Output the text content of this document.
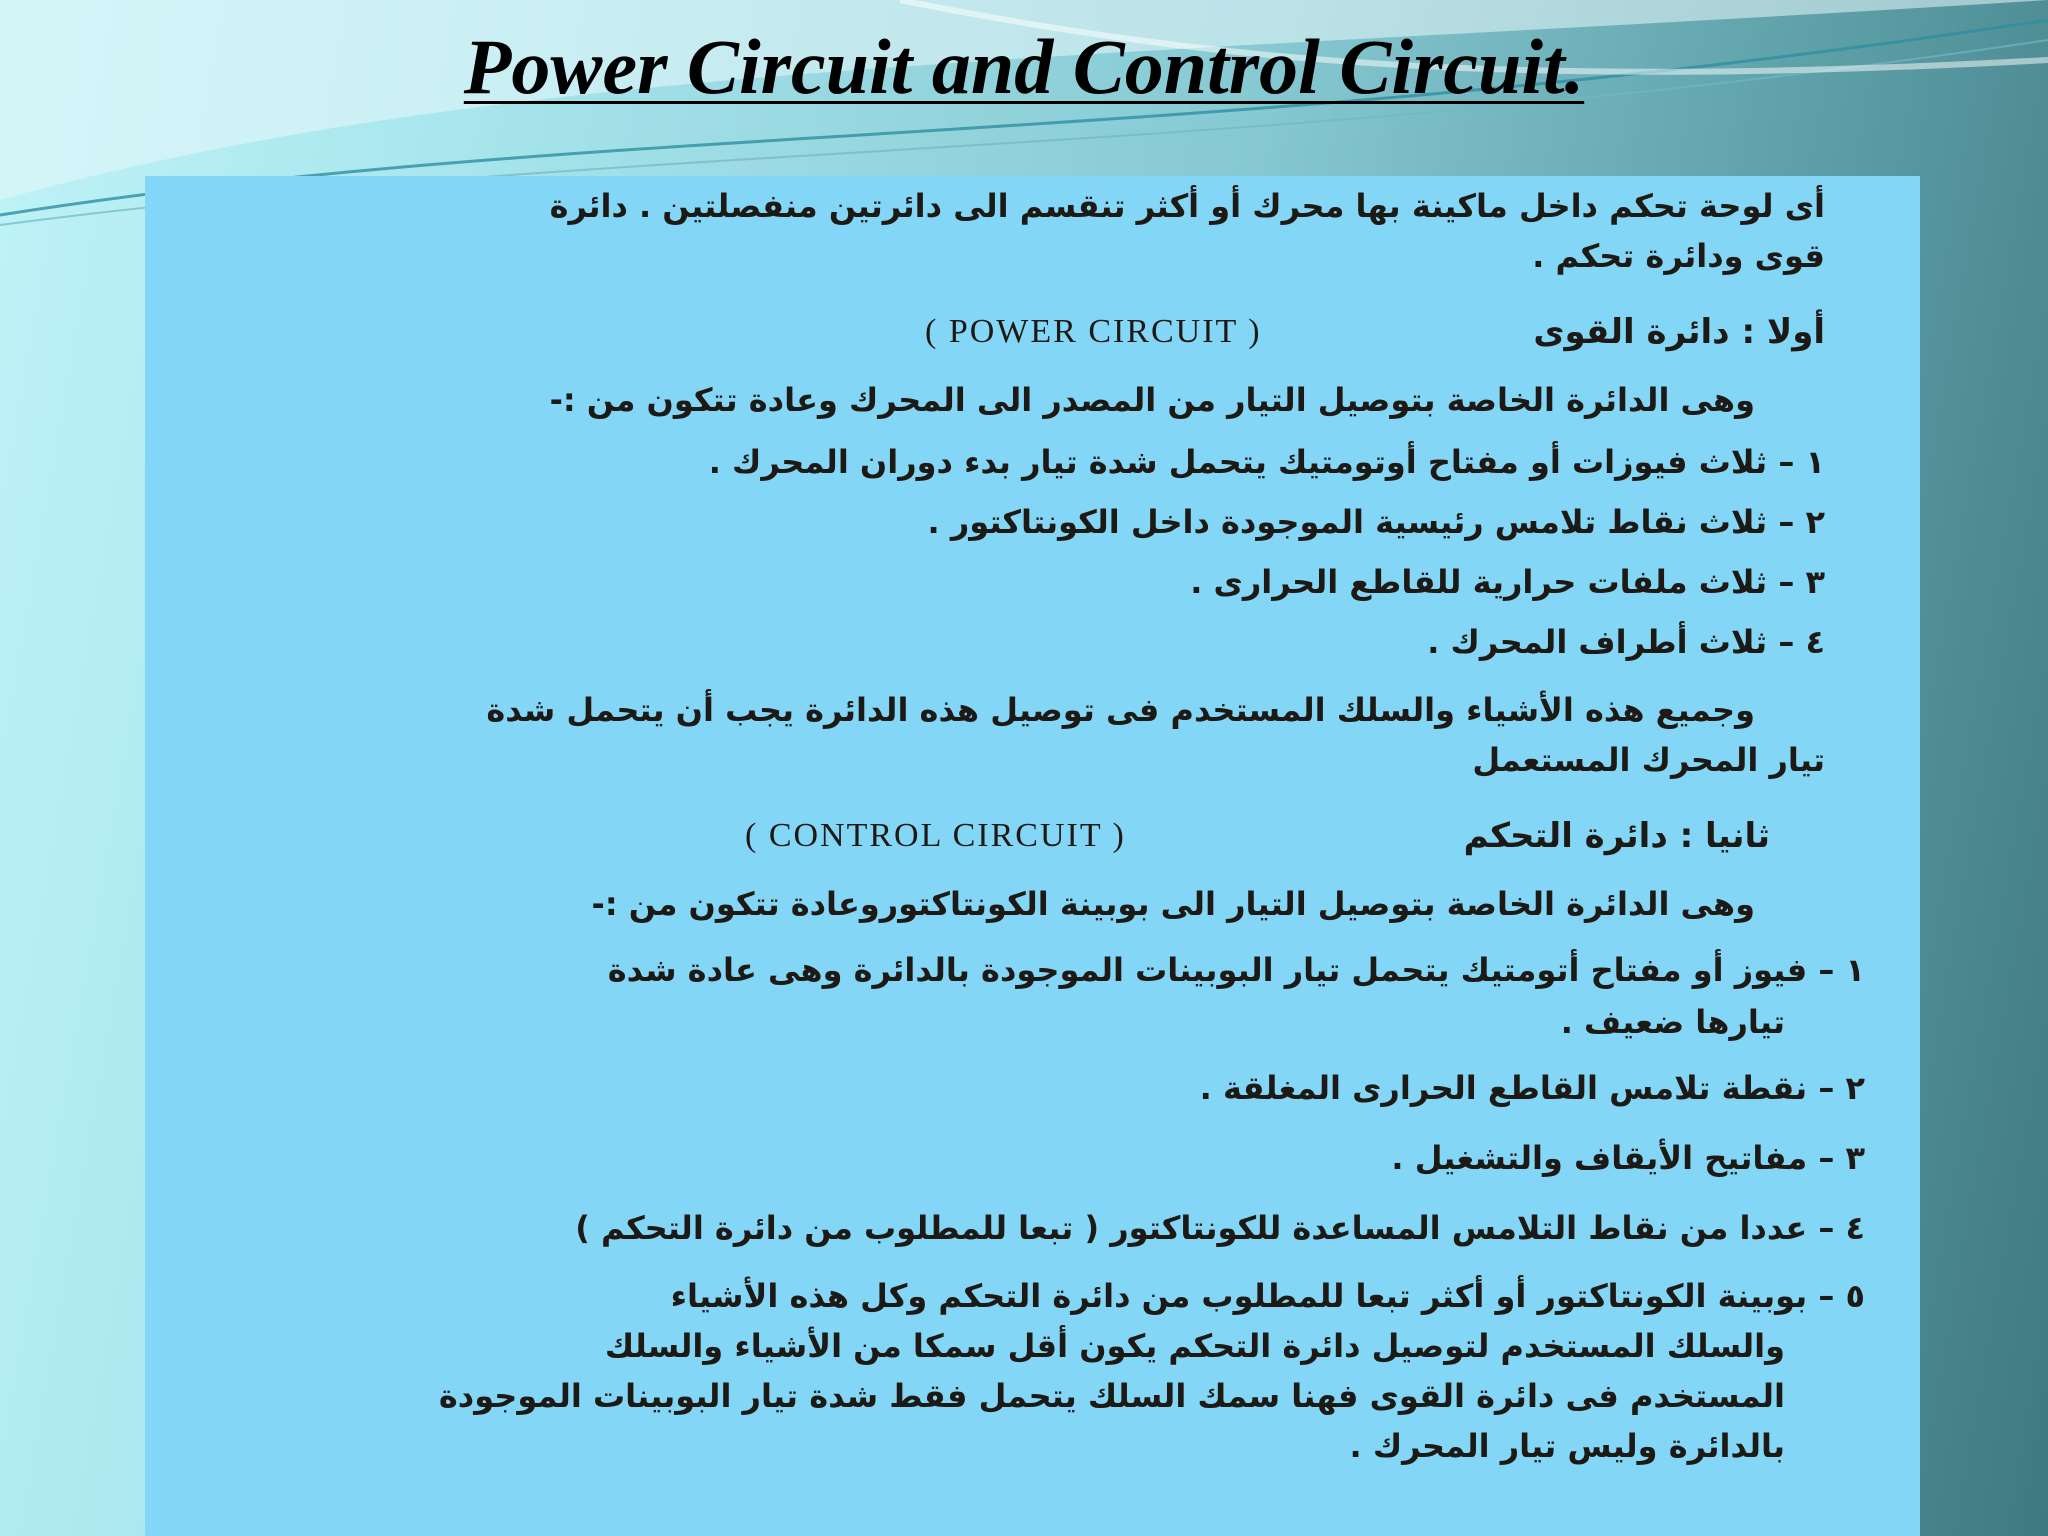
Power Circuit and Control Circuit.
أى لوحة تحكم داخل ماكينة بها محرك أو أكثر تنقسم الى دائرتين منفصلتين . دائرة
قوى ودائرة تحكم .
أولا : دائرة القوى
( POWER CIRCUIT )
وهى الدائرة الخاصة بتوصيل التيار من المصدر الى المحرك وعادة تتكون من :-
١ – ثلاث فيوزات أو مفتاح أوتومتيك يتحمل شدة تيار بدء دوران المحرك .
٢ – ثلاث نقاط تلامس رئيسية الموجودة داخل الكونتاكتور .
٣ – ثلاث ملفات حرارية للقاطع الحرارى .
٤ – ثلاث أطراف المحرك .
وجميع هذه الأشياء والسلك المستخدم فى توصيل هذه الدائرة يجب أن يتحمل شدة
تيار المحرك المستعمل
ثانيا : دائرة التحكم
( CONTROL CIRCUIT )
وهى الدائرة الخاصة بتوصيل التيار الى بوبينة الكونتاكتوروعادة تتكون من :-
١ – فيوز أو مفتاح أتومتيك يتحمل تيار البوبينات الموجودة بالدائرة وهى عادة شدة
تيارها ضعيف .
٢ – نقطة تلامس القاطع الحرارى المغلقة .
٣ – مفاتيح الأيقاف والتشغيل .
٤ – عددا من نقاط التلامس المساعدة للكونتاكتور ( تبعا للمطلوب من دائرة التحكم )
٥ – بوبينة الكونتاكتور أو أكثر تبعا للمطلوب من دائرة التحكم وكل هذه الأشياء
والسلك المستخدم لتوصيل دائرة التحكم يكون أقل سمكا من الأشياء والسلك
المستخدم فى دائرة القوى فهنا سمك السلك يتحمل فقط شدة تيار البوبينات الموجودة
بالدائرة وليس تيار المحرك .
